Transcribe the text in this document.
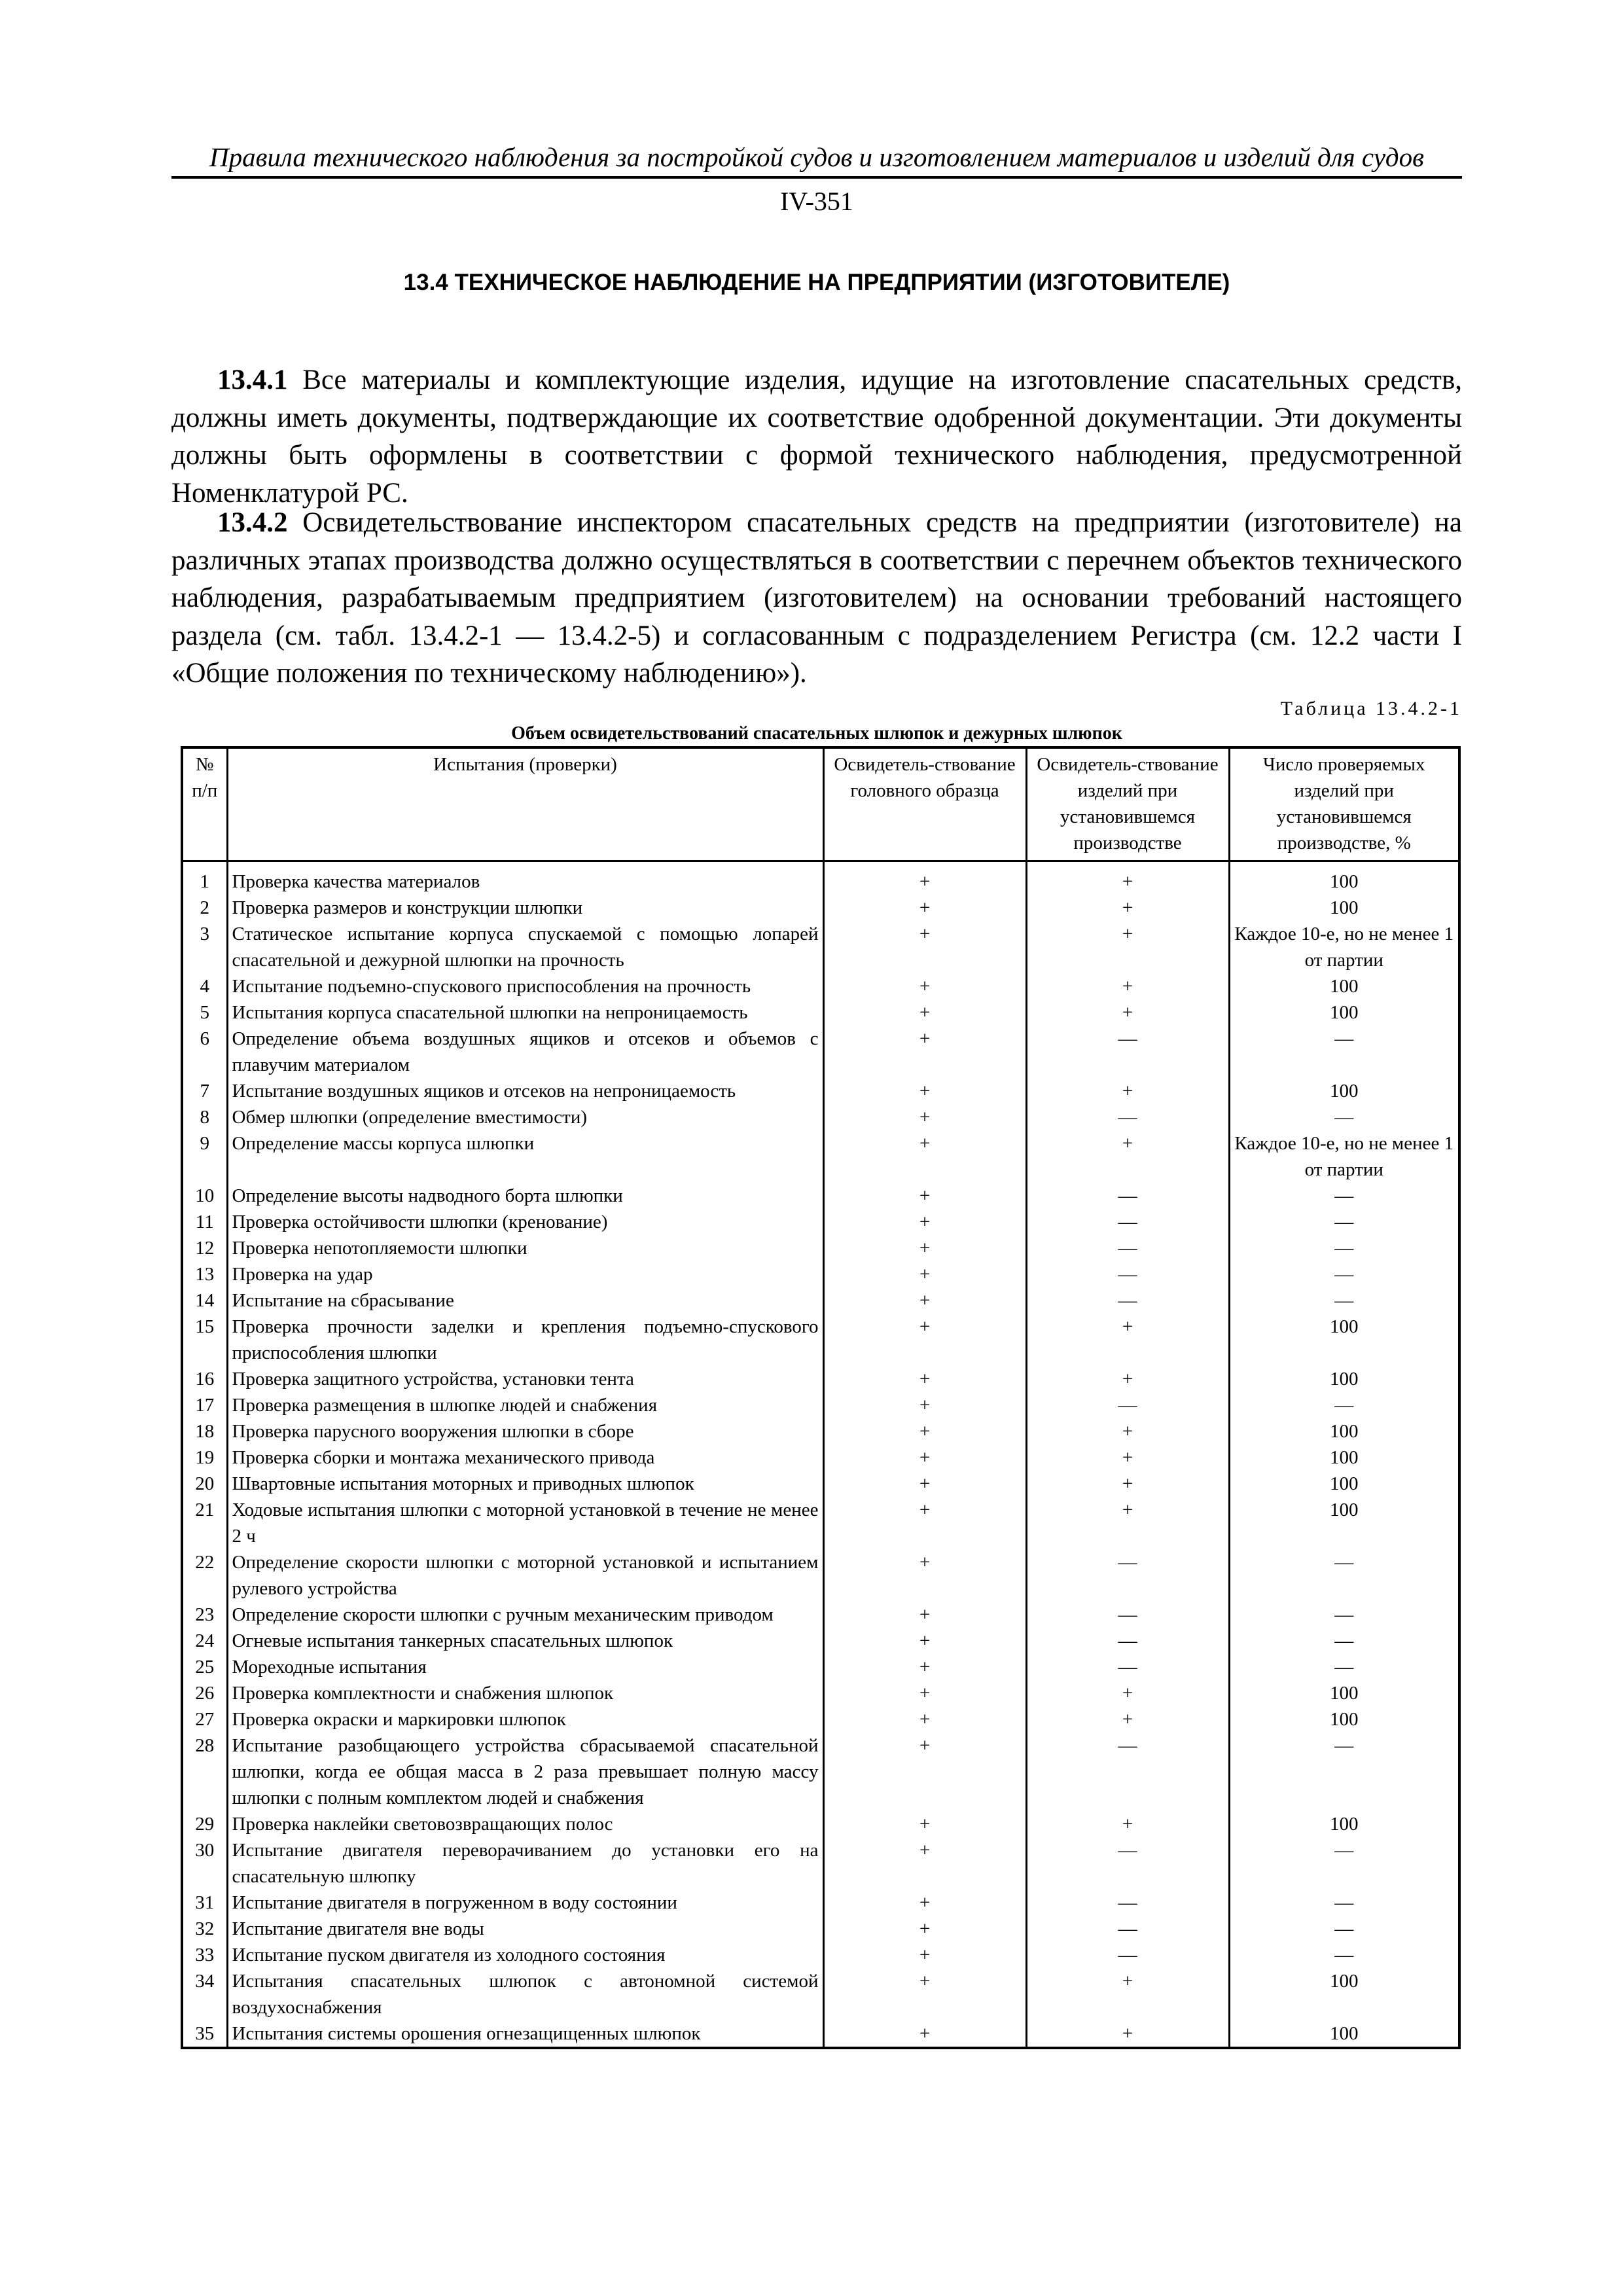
Правила технического наблюдения за постройкой судов и изготовлением материалов и изделий для судов
IV-351
13.4 ТЕХНИЧЕСКОЕ НАБЛЮДЕНИЕ НА ПРЕДПРИЯТИИ (ИЗГОТОВИТЕЛЕ)

13.4.1 Все материалы и комплектующие изделия, идущие на изготовление спасательных средств, должны иметь документы, подтверждающие их соответствие одобренной документации. Эти документы должны быть оформлены в соответствии с формой технического наблюдения, предусмотренной Номенклатурой РС.

13.4.2 Освидетельствование инспектором спасательных средств на предприятии (изготовителе) на различных этапах производства должно осуществляться в соответствии с перечнем объектов технического наблюдения, разрабатываемым предприятием (изготовителем) на основании требований настоящего раздела (см. табл. 13.4.2-1 — 13.4.2-5) и согласованным с подразделением Регистра (см. 12.2 части I «Общие положения по техническому наблюдению»).

Таблица 13.4.2-1
Объем освидетельствований спасательных шлюпок и дежурных шлюпок
№ п/п	Испытания (проверки)	Освидетель-ствование головного образца	Освидетель-ствование изделий при установившемся производстве	Число проверяемых изделий при установившемся производстве, %
1	Проверка качества материалов	+	+	100
2	Проверка размеров и конструкции шлюпки	+	+	100
3	Статическое испытание корпуса спускаемой с помощью лопарей спасательной и дежурной шлюпки на прочность	+	+	Каждое 10-е, но не менее 1 от партии
4	Испытание подъемно-спускового приспособления на прочность	+	+	100
5	Испытания корпуса спасательной шлюпки на непроницаемость	+	+	100
6	Определение объема воздушных ящиков и отсеков и объемов с плавучим материалом	+	—	—
7	Испытание воздушных ящиков и отсеков на непроницаемость	+	+	100
8	Обмер шлюпки (определение вместимости)	+	—	—
9	Определение массы корпуса шлюпки	+	+	Каждое 10-е, но не менее 1 от партии
10	Определение высоты надводного борта шлюпки	+	—	—
11	Проверка остойчивости шлюпки (кренование)	+	—	—
12	Проверка непотопляемости шлюпки	+	—	—
13	Проверка на удар	+	—	—
14	Испытание на сбрасывание	+	—	—
15	Проверка прочности заделки и крепления подъемно-спускового приспособления шлюпки	+	+	100
16	Проверка защитного устройства, установки тента	+	+	100
17	Проверка размещения в шлюпке людей и снабжения	+	—	—
18	Проверка парусного вооружения шлюпки в сборе	+	+	100
19	Проверка сборки и монтажа механического привода	+	+	100
20	Швартовные испытания моторных и приводных шлюпок	+	+	100
21	Ходовые испытания шлюпки с моторной установкой в течение не менее 2 ч	+	+	100
22	Определение скорости шлюпки с моторной установкой и испытанием рулевого устройства	+	—	—
23	Определение скорости шлюпки с ручным механическим приводом	+	—	—
24	Огневые испытания танкерных спасательных шлюпок	+	—	—
25	Мореходные испытания	+	—	—
26	Проверка комплектности и снабжения шлюпок	+	+	100
27	Проверка окраски и маркировки шлюпок	+	+	100
28	Испытание разобщающего устройства сбрасываемой спасательной шлюпки, когда ее общая масса в 2 раза превышает полную массу шлюпки с полным комплектом людей и снабжения	+	—	—
29	Проверка наклейки световозвращающих полос	+	+	100
30	Испытание двигателя переворачиванием до установки его на спасательную шлюпку	+	—	—
31	Испытание двигателя в погруженном в воду состоянии	+	—	—
32	Испытание двигателя вне воды	+	—	—
33	Испытание пуском двигателя из холодного состояния	+	—	—
34	Испытания спасательных шлюпок с автономной системой воздухоснабжения	+	+	100
35	Испытания системы орошения огнезащищенных шлюпок	+	+	100
